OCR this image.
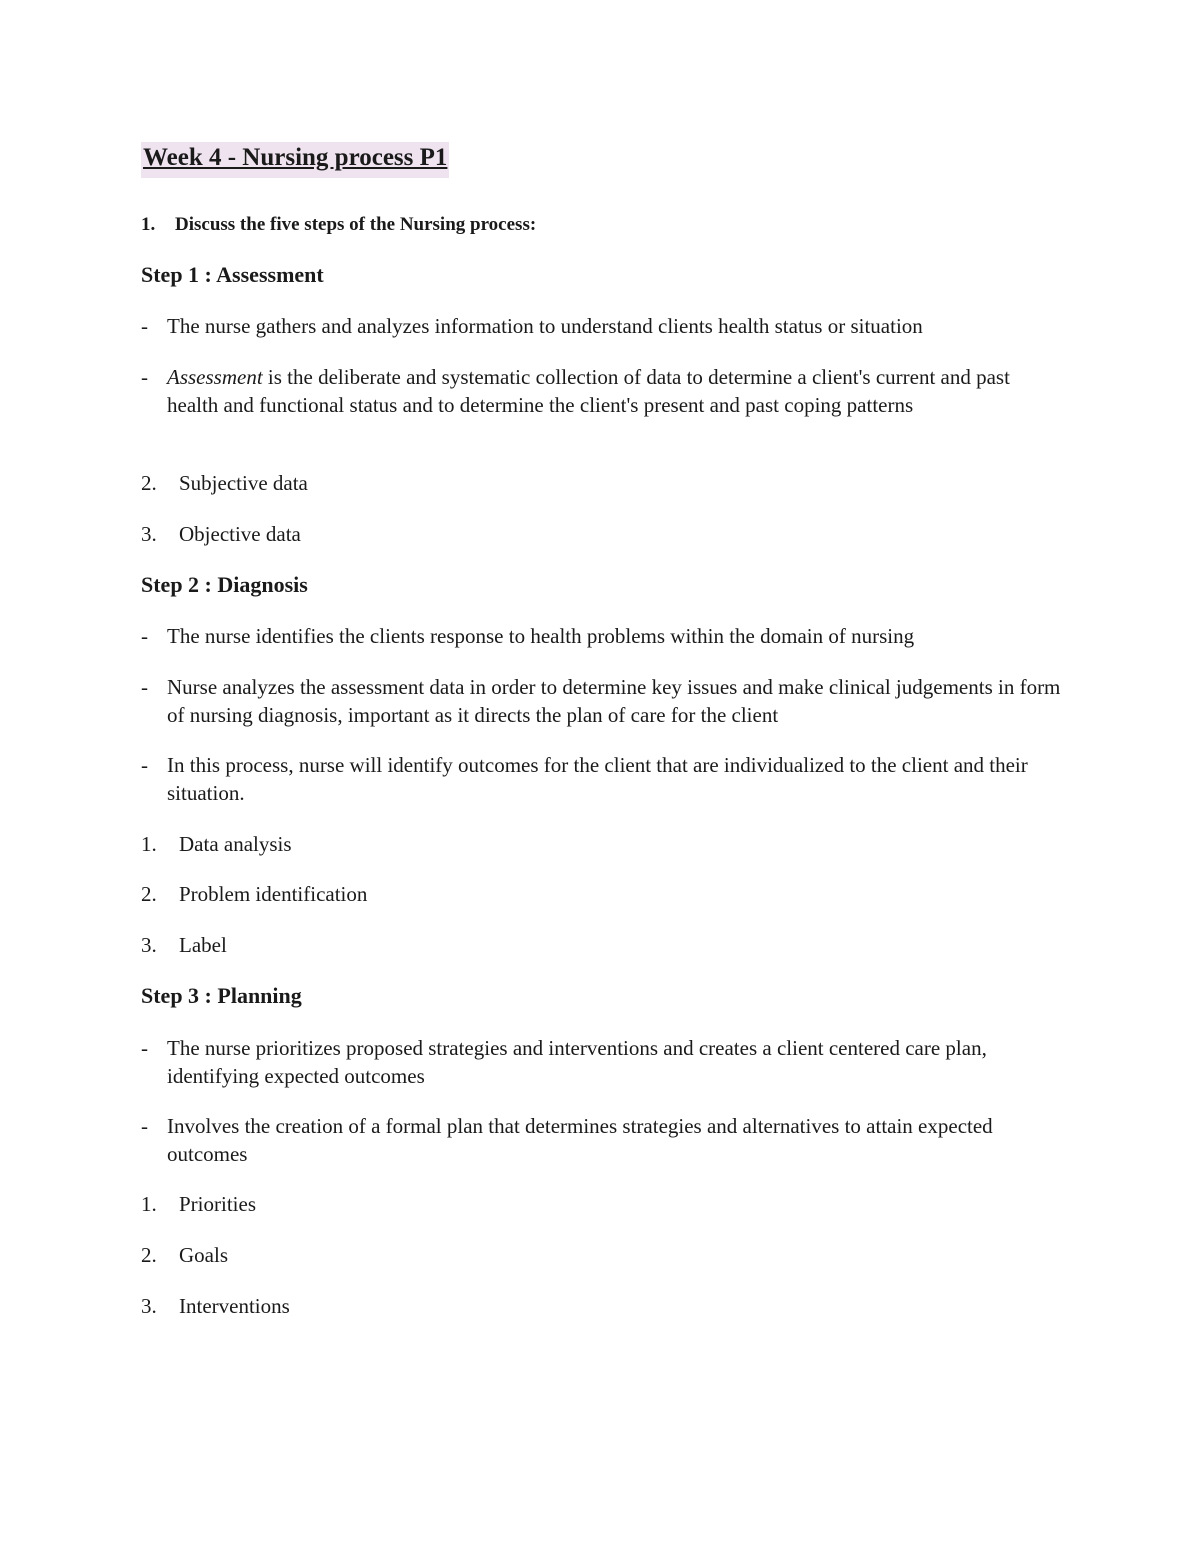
Week 4 - Nursing process P1
1. Discuss the five steps of the Nursing process:
Step 1 : Assessment
- The nurse gathers and analyzes information to understand clients health status or situation
- Assessment is the deliberate and systematic collection of data to determine a client's current and past health and functional status and to determine the client's present and past coping patterns
2.	Subjective data
3.	Objective data
Step 2 : Diagnosis
- The nurse identifies the clients response to health problems within the domain of nursing
- Nurse analyzes the assessment data in order to determine key issues and make clinical judgements in form of nursing diagnosis, important as it directs the plan of care for the client
- In this process, nurse will identify outcomes for the client that are individualized to the client and their situation.
1.	Data analysis
2.	Problem identification
3.	Label
Step 3 : Planning
- The nurse prioritizes proposed strategies and interventions and creates a client centered care plan, identifying expected outcomes
- Involves the creation of a formal plan that determines strategies and alternatives to attain expected outcomes
1.	Priorities
2.	Goals
3.	Interventions
